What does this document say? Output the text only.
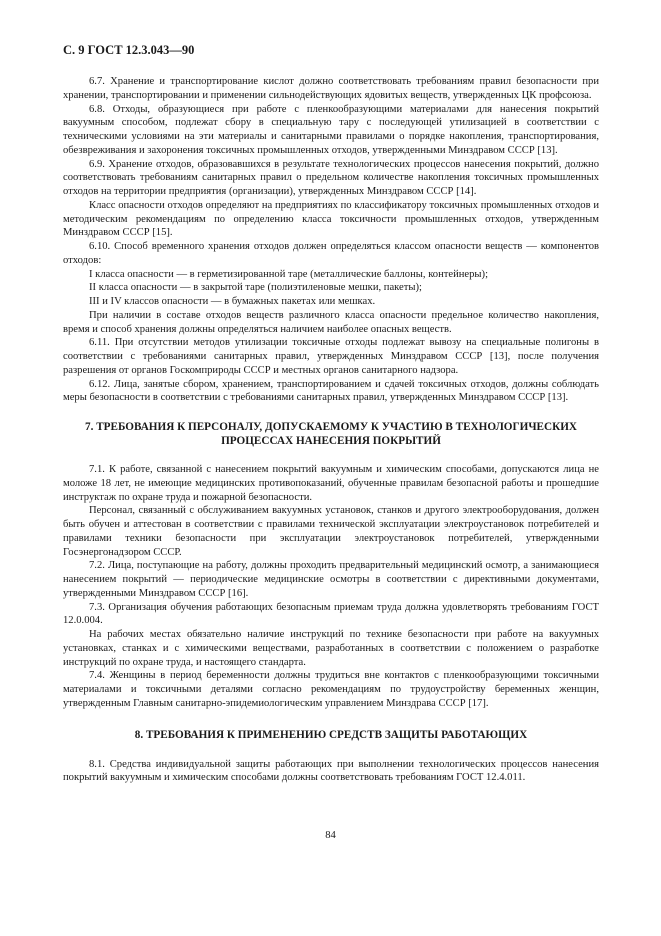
С. 9 ГОСТ 12.3.043—90

6.7. Хранение и транспортирование кислот должно соответствовать требованиям правил безопасности при хранении, транспортировании и применении сильнодействующих ядовитых веществ, утвержденных ЦК профсоюза.

6.8. Отходы, образующиеся при работе с пленкообразующими материалами для нанесения покрытий вакуумным способом, подлежат сбору в специальную тару с последующей утилизацией в соответствии с техническими условиями на эти материалы и санитарными правилами о порядке накопления, транспортирования, обезвреживания и захоронения токсичных промышленных отходов, утвержденными Минздравом СССР [13].

6.9. Хранение отходов, образовавшихся в результате технологических процессов нанесения покрытий, должно соответствовать требованиям санитарных правил о предельном количестве накопления токсичных промышленных отходов на территории предприятия (организации), утвержденных Минздравом СССР [14].

Класс опасности отходов определяют на предприятиях по классификатору токсичных промышленных отходов и методическим рекомендациям по определению класса токсичности промышленных отходов, утвержденным Минздравом СССР [15].

6.10. Способ временного хранения отходов должен определяться классом опасности веществ — компонентов отходов:

I класса опасности — в герметизированной таре (металлические баллоны, контейнеры);

II класса опасности — в закрытой таре (полиэтиленовые мешки, пакеты);

III и IV классов опасности — в бумажных пакетах или мешках.

При наличии в составе отходов веществ различного класса опасности предельное количество накопления, время и способ хранения должны определяться наличием наиболее опасных веществ.

6.11. При отсутствии методов утилизации токсичные отходы подлежат вывозу на специальные полигоны в соответствии с требованиями санитарных правил, утвержденных Минздравом СССР [13], после получения разрешения от органов Госкомприроды СССР и местных органов санитарного надзора.

6.12. Лица, занятые сбором, хранением, транспортированием и сдачей токсичных отходов, должны соблюдать меры безопасности в соответствии с требованиями санитарных правил, утвержденных Минздравом СССР [13].

7. ТРЕБОВАНИЯ К ПЕРСОНАЛУ, ДОПУСКАЕМОМУ К УЧАСТИЮ В ТЕХНОЛОГИЧЕСКИХ ПРОЦЕССАХ НАНЕСЕНИЯ ПОКРЫТИЙ

7.1. К работе, связанной с нанесением покрытий вакуумным и химическим способами, допускаются лица не моложе 18 лет, не имеющие медицинских противопоказаний, обученные правилам безопасной работы и прошедшие инструктаж по охране труда и пожарной безопасности.

Персонал, связанный с обслуживанием вакуумных установок, станков и другого электрооборудования, должен быть обучен и аттестован в соответствии с правилами технической эксплуатации электроустановок потребителей и правилами техники безопасности при эксплуатации электроустановок потребителей, утвержденными Госэнергонадзором СССР.

7.2. Лица, поступающие на работу, должны проходить предварительный медицинский осмотр, а занимающиеся нанесением покрытий — периодические медицинские осмотры в соответствии с директивными документами, утвержденными Минздравом СССР [16].

7.3. Организация обучения работающих безопасным приемам труда должна удовлетворять требованиям ГОСТ 12.0.004.

На рабочих местах обязательно наличие инструкций по технике безопасности при работе на вакуумных установках, станках и с химическими веществами, разработанных в соответствии с положением о разработке инструкций по охране труда, и настоящего стандарта.

7.4. Женщины в период беременности должны трудиться вне контактов с пленкообразующими токсичными материалами и токсичными деталями согласно рекомендациям по трудоустройству беременных женщин, утвержденным Главным санитарно-эпидемиологическим управлением Минздрава СССР [17].

8. ТРЕБОВАНИЯ К ПРИМЕНЕНИЮ СРЕДСТВ ЗАЩИТЫ РАБОТАЮЩИХ

8.1. Средства индивидуальной защиты работающих при выполнении технологических процессов нанесения покрытий вакуумным и химическим способами должны соответствовать требованиям ГОСТ 12.4.011.

84
